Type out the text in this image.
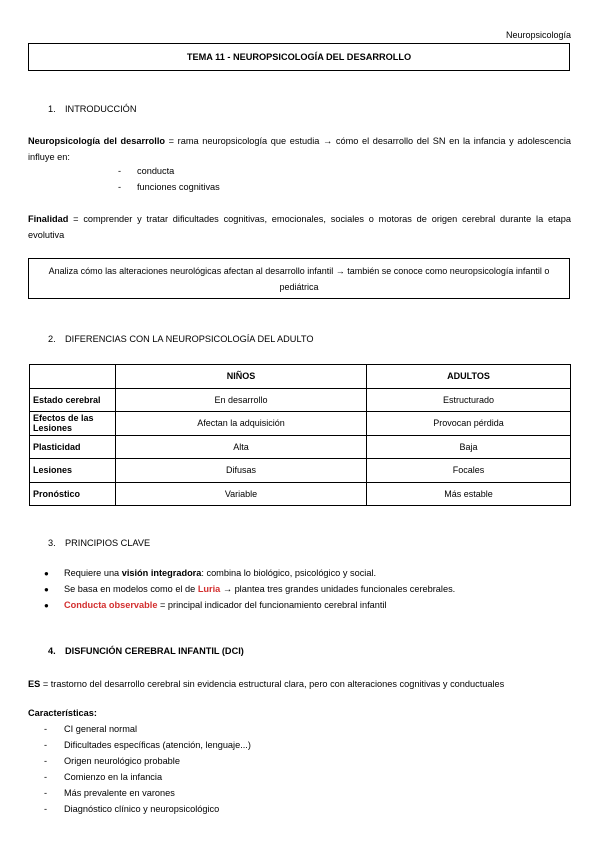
Neuropsicología
TEMA 11 - NEUROPSICOLOGÍA DEL DESARROLLO
1. INTRODUCCIÓN
Neuropsicología del desarrollo = rama neuropsicología que estudia → cómo el desarrollo del SN en la infancia y adolescencia influye en:
- conducta
- funciones cognitivas
Finalidad = comprender y tratar dificultades cognitivas, emocionales, sociales o motoras de origen cerebral durante la etapa evolutiva
Analiza cómo las alteraciones neurológicas afectan al desarrollo infantil → también se conoce como neuropsicología infantil o pediátrica
2. DIFERENCIAS CON LA NEUROPSICOLOGÍA DEL ADULTO
	NIÑOS	ADULTOS
Estado cerebral	En desarrollo	Estructurado
Efectos de las Lesiones	Afectan la adquisición	Provocan pérdida
Plasticidad	Alta	Baja
Lesiones	Difusas	Focales
Pronóstico	Variable	Más estable
3. PRINCIPIOS CLAVE
● Requiere una visión integradora: combina lo biológico, psicológico y social.
● Se basa en modelos como el de Luria → plantea tres grandes unidades funcionales cerebrales.
● Conducta observable = principal indicador del funcionamiento cerebral infantil
4. DISFUNCIÓN CEREBRAL INFANTIL (DCI)
ES = trastorno del desarrollo cerebral sin evidencia estructural clara, pero con alteraciones cognitivas y conductuales
Características:
- CI general normal
- Dificultades específicas (atención, lenguaje...)
- Origen neurológico probable
- Comienzo en la infancia
- Más prevalente en varones
- Diagnóstico clínico y neuropsicológico
